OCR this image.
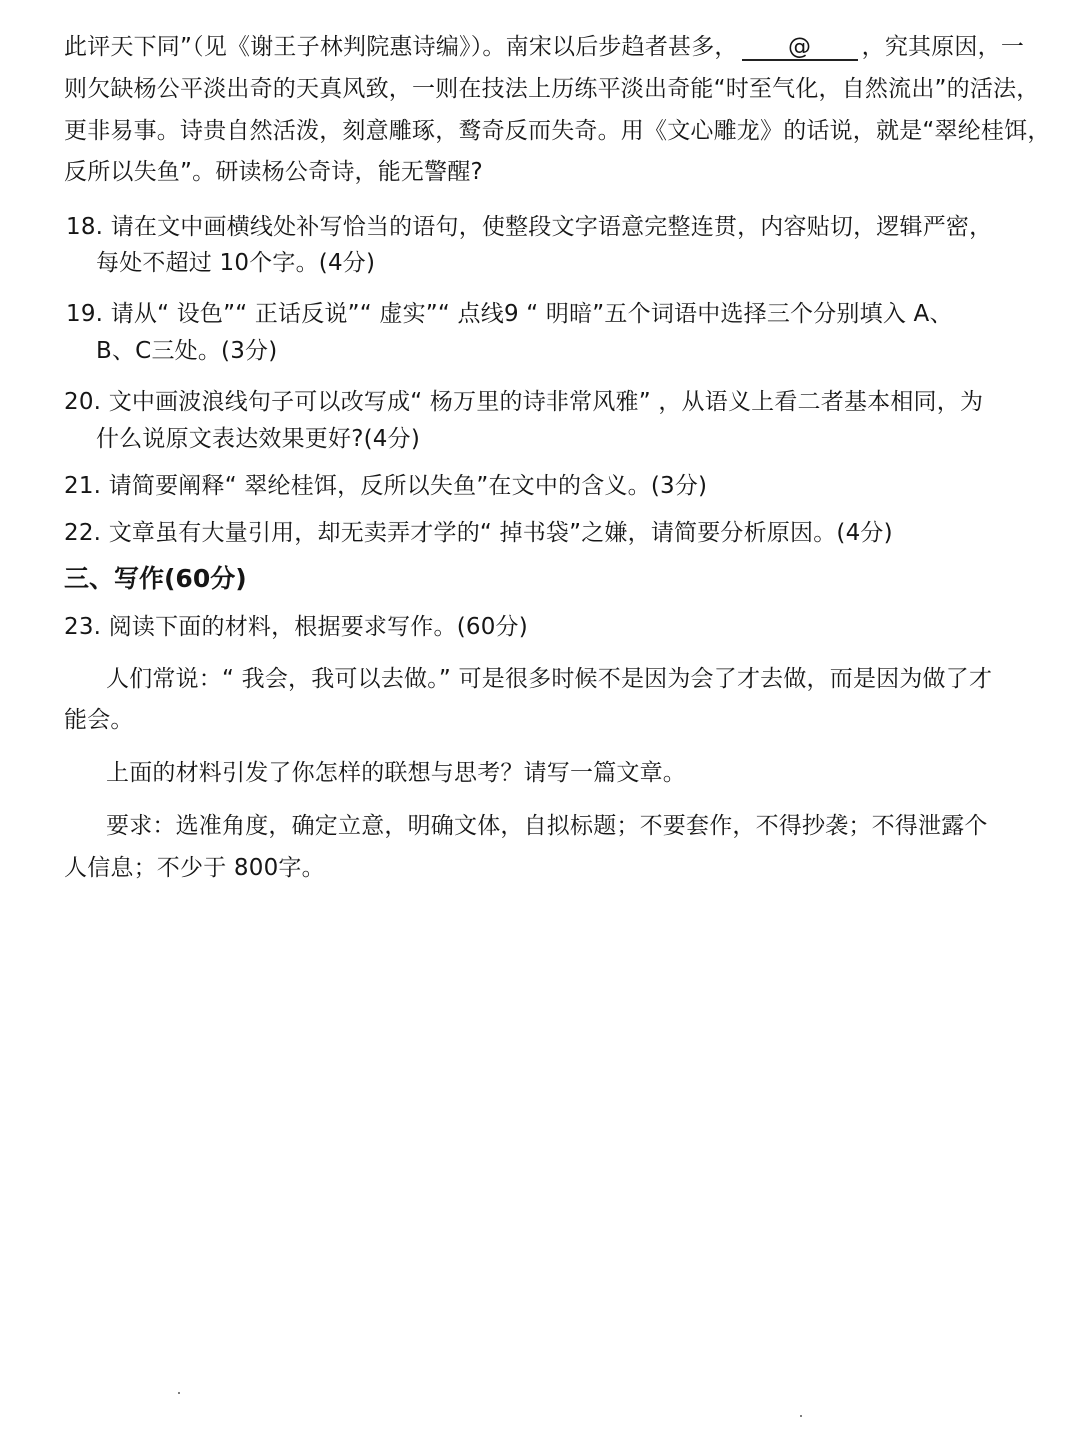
此评天下同”（见《谢王子林判院惠诗编》）。南宋以后步趋者甚多， @ ，究其原因，一
则欠缺杨公平淡出奇的天真风致，一则在技法上历练平淡出奇能“时至气化，自然流出”的活法，
更非易事。诗贵自然活泼，刻意雕琢，鹜奇反而失奇。用《文心雕龙》的话说，就是“翠纶桂饵，
反所以失鱼”。研读杨公奇诗，能无警醒?
18. 请在文中画横线处补写恰当的语句，使整段文字语意完整连贯，内容贴切，逻辑严密，
每处不超过 10个字。(4分)
19. 请从“ 设色”“ 正话反说”“ 虚实”“ 点线9 “ 明暗”五个词语中选择三个分别填入 A、
B、C三处。(3分)
20. 文中画波浪线句子可以改写成“ 杨万里的诗非常风雅” ，从语义上看二者基本相同，为
什么说原文表达效果更好?(4分)
21. 请简要阐释“ 翠纶桂饵，反所以失鱼”在文中的含义。(3分)
22. 文章虽有大量引用，却无卖弄才学的“ 掉书袋”之嫌，请简要分析原因。(4分)
三、写作(60分)
23. 阅读下面的材料，根据要求写作。(60分)
人们常说：“ 我会，我可以去做。” 可是很多时候不是因为会了才去做，而是因为做了才
能会。
上面的材料引发了你怎样的联想与思考？请写一篇文章。
要求：选准角度，确定立意，明确文体，自拟标题；不要套作，不得抄袭；不得泄露个
人信息；不少于 800字。
